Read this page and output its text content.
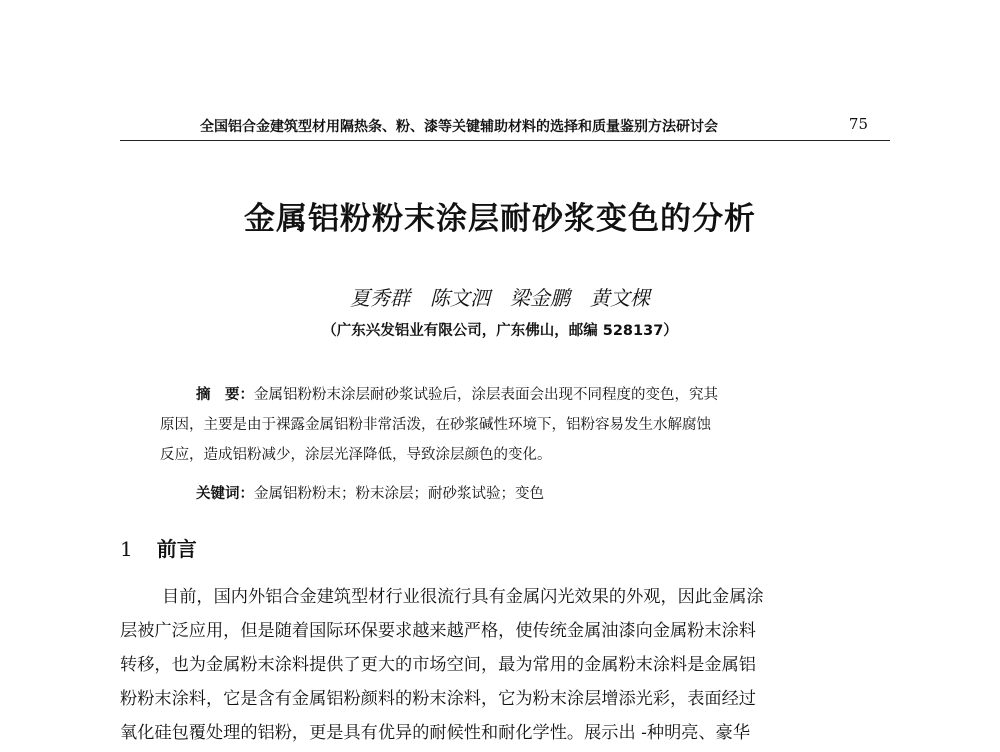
全国铝合金建筑型材用隔热条、粉、漆等关键辅助材料的选择和质量鉴别方法研讨会	75
金属铝粉粉末涂层耐砂浆变色的分析
夏秀群　陈文泗　梁金鹏　黄文棵
（广东兴发铝业有限公司，广东佛山，邮编 528137）
摘　要：金属铝粉粉末涂层耐砂浆试验后，涂层表面会出现不同程度的变色，究其
原因，主要是由于裸露金属铝粉非常活泼，在砂浆碱性环境下，铝粉容易发生水解腐蚀
反应，造成铝粉减少，涂层光泽降低，导致涂层颜色的变化。
关键词：金属铝粉粉末；粉末涂层；耐砂浆试验；变色
1 前言
目前，国内外铝合金建筑型材行业很流行具有金属闪光效果的外观，因此金属涂
层被广泛应用，但是随着国际环保要求越来越严格，使传统金属油漆向金属粉末涂料
转移，也为金属粉末涂料提供了更大的市场空间，最为常用的金属粉末涂料是金属铝
粉粉末涂料，它是含有金属铝粉颜料的粉末涂料，它为粉末涂层增添光彩，表面经过
氧化硅包覆处理的铝粉，更是具有优异的耐候性和耐化学性。展示出 -种明亮、豪华
